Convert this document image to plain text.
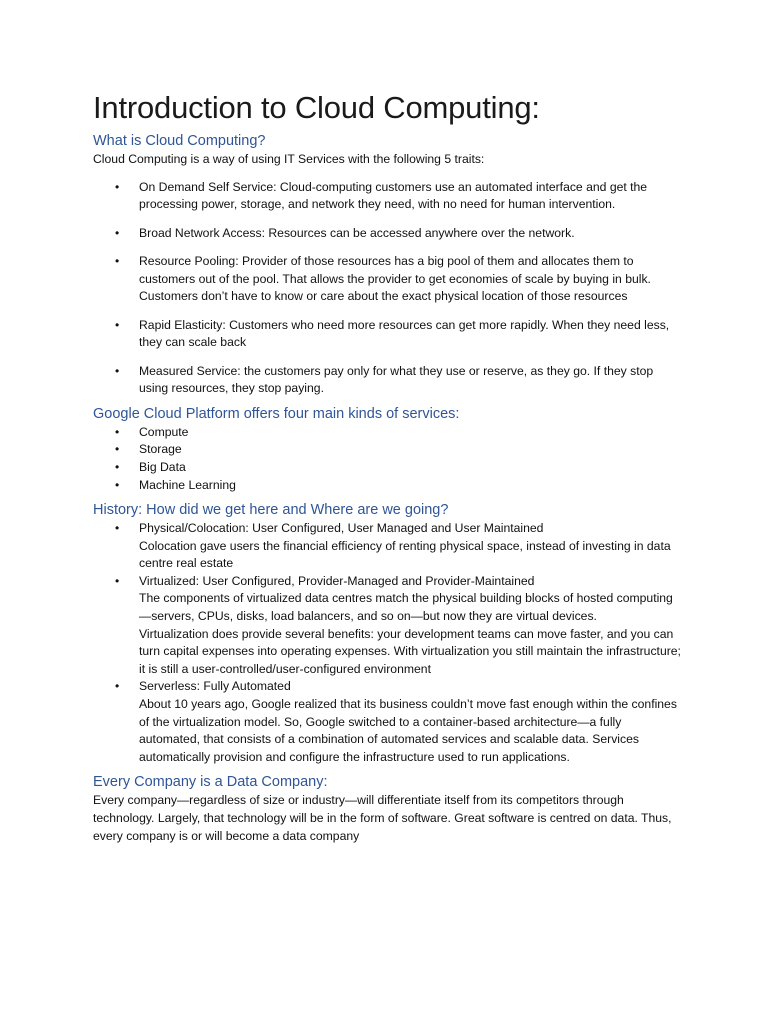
Introduction to Cloud Computing:
What is Cloud Computing?

Cloud Computing is a way of using IT Services with the following 5 traits:

• On Demand Self Service: Cloud-computing customers use an automated interface and get the processing power, storage, and network they need, with no need for human intervention.
• Broad Network Access: Resources can be accessed anywhere over the network.
• Resource Pooling: Provider of those resources has a big pool of them and allocates them to customers out of the pool. That allows the provider to get economies of scale by buying in bulk. Customers don’t have to know or care about the exact physical location of those resources
• Rapid Elasticity: Customers who need more resources can get more rapidly. When they need less, they can scale back
• Measured Service: the customers pay only for what they use or reserve, as they go. If they stop using resources, they stop paying.
Google Cloud Platform offers four main kinds of services:
• Compute
• Storage
• Big Data
• Machine Learning
History: How did we get here and Where are we going?
• Physical/Colocation: User Configured, User Managed and User Maintained
Colocation gave users the financial efficiency of renting physical space, instead of investing in data centre real estate
• Virtualized: User Configured, Provider-Managed and Provider-Maintained
The components of virtualized data centres match the physical building blocks of hosted computing—servers, CPUs, disks, load balancers, and so on—but now they are virtual devices.
Virtualization does provide several benefits: your development teams can move faster, and you can turn capital expenses into operating expenses. With virtualization you still maintain the infrastructure; it is still a user-controlled/user-configured environment
• Serverless: Fully Automated
About 10 years ago, Google realized that its business couldn’t move fast enough within the confines of the virtualization model. So, Google switched to a container-based architecture—a fully automated, that consists of a combination of automated services and scalable data. Services automatically provision and configure the infrastructure used to run applications.
Every Company is a Data Company:

Every company—regardless of size or industry—will differentiate itself from its competitors through technology. Largely, that technology will be in the form of software. Great software is centred on data. Thus, every company is or will become a data company
